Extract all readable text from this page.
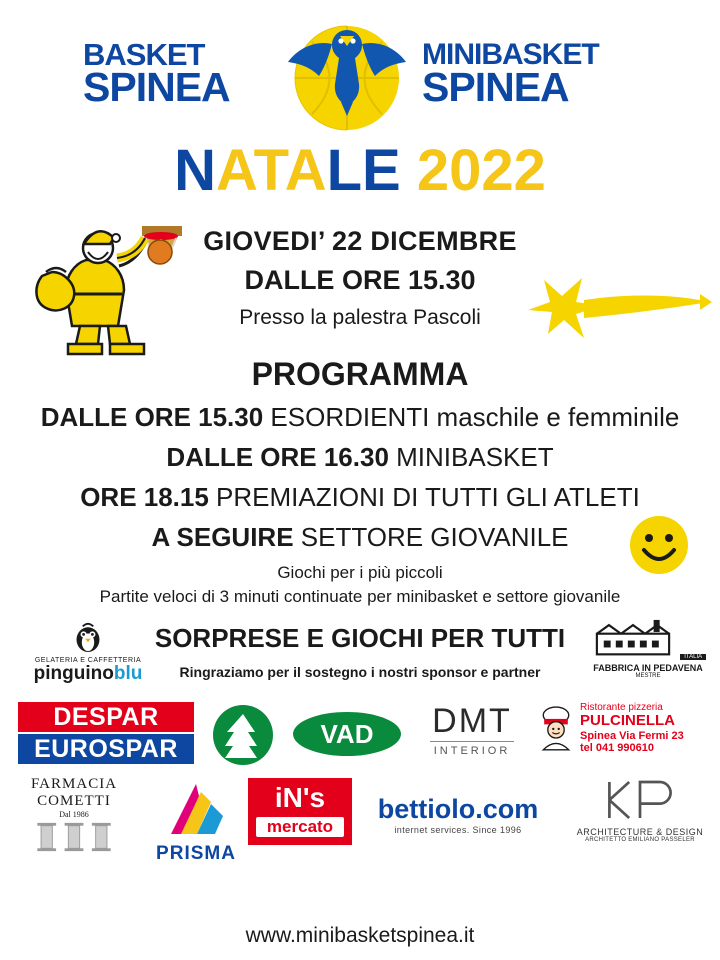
BASKET
SPINEA
MINIBASKET
SPINEA
NATALE 2022
GIOVEDI’ 22 DICEMBRE
DALLE ORE 15.30
Presso la palestra Pascoli
PROGRAMMA
DALLE ORE 15.30 ESORDIENTI maschile e femminile
DALLE ORE 16.30 MINIBASKET
ORE 18.15 PREMIAZIONI DI TUTTI GLI ATLETI
A SEGUIRE SETTORE GIOVANILE
Giochi per i più piccoli
Partite veloci di 3 minuti continuate per minibasket e settore giovanile
SORPRESE E GIOCHI PER TUTTI
Ringraziamo per il sostegno i nostri sponsor e partner
GELATERIA E CAFFETTERIA
pinguinoblu
ITALIA
FABBRICA IN PEDAVENA
MESTRE
DESPAR
EUROSPAR	VAD	DMT
INTERIOR
Ristorante pizzeria
PULCINELLA
Spinea Via Fermi 23
tel 041 990610
FARMACIA
COMETTI
Dal 1986
PRISMA
iN's
mercato
bettiolo.com
internet services. Since 1996	ARCHITECTURE & DESIGN
ARCHITETTO EMILIANO PASSELER
www.minibasketspinea.it
